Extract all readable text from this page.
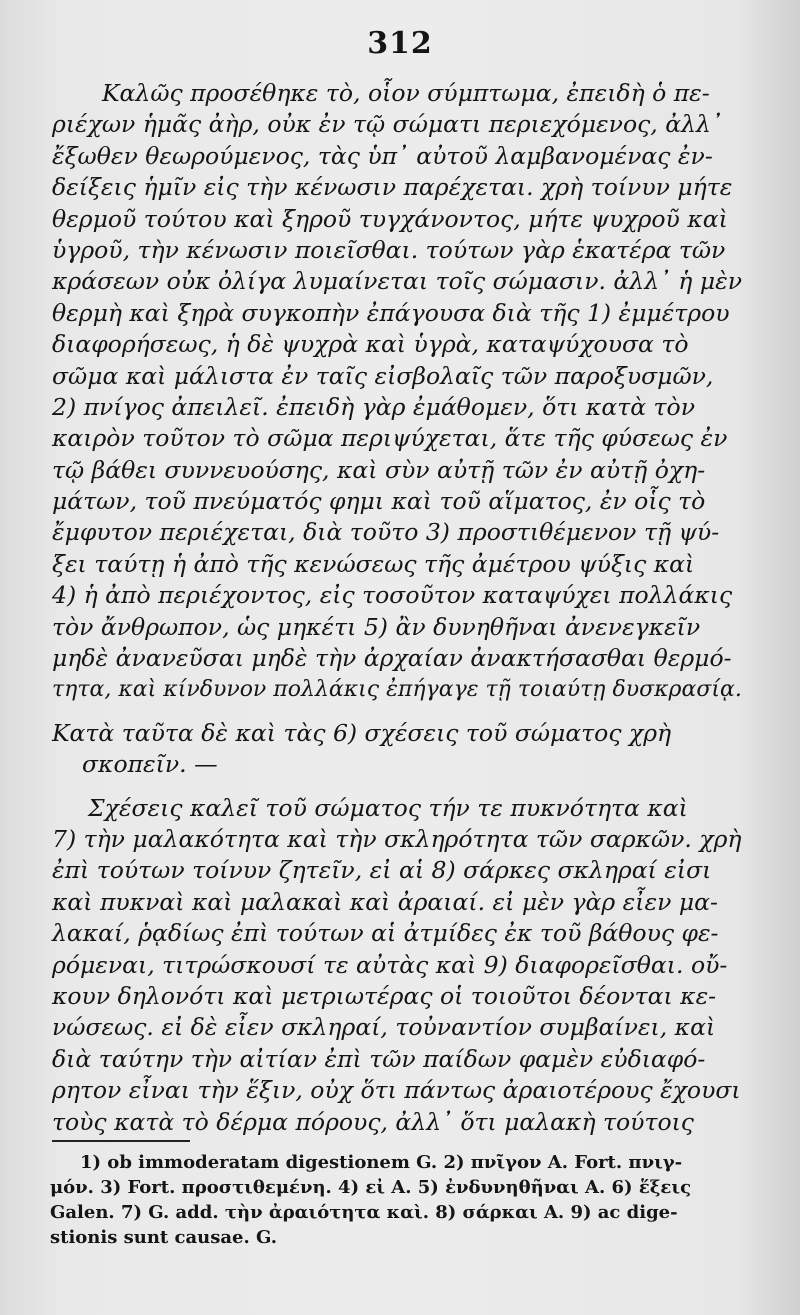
312
Καλῶς προσέθηκε τὸ, οἷον σύμπτωμα, ἐπειδὴ ὁ πε-
ριέχων ἡμᾶς ἀὴρ, οὐκ ἐν τῷ σώματι περιεχόμενος, ἀλλ᾽
ἔξωθεν θεωρούμενος, τὰς ὑπ᾽ αὐτοῦ λαμβανομένας ἐν-
δείξεις ἡμῖν εἰς τὴν κένωσιν παρέχεται. χρὴ τοίνυν μήτε
θερμοῦ τούτου καὶ ξηροῦ τυγχάνοντος, μήτε ψυχροῦ καὶ
ὑγροῦ, τὴν κένωσιν ποιεῖσθαι. τούτων γὰρ ἑκατέρα τῶν
κράσεων οὐκ ὀλίγα λυμαίνεται τοῖς σώμασιν. ἀλλ᾽ ἡ μὲν
θερμὴ καὶ ξηρὰ συγκοπὴν ἐπάγουσα διὰ τῆς 1) ἐμμέτρου
διαφορήσεως, ἡ δὲ ψυχρὰ καὶ ὑγρὰ, καταψύχουσα τὸ
σῶμα καὶ μάλιστα ἐν ταῖς εἰσβολαῖς τῶν παροξυσμῶν,
2) πνίγος ἀπειλεῖ. ἐπειδὴ γὰρ ἐμάθομεν, ὅτι κατὰ τὸν
καιρὸν τοῦτον τὸ σῶμα περιψύχεται, ἅτε τῆς φύσεως ἐν
τῷ βάθει συννευούσης, καὶ σὺν αὐτῇ τῶν ἐν αὐτῇ ὀχη-
μάτων, τοῦ πνεύματός φημι καὶ τοῦ αἵματος, ἐν οἷς τὸ
ἔμφυτον περιέχεται, διὰ τοῦτο 3) προστιθέμενον τῇ ψύ-
ξει ταύτῃ ἡ ἀπὸ τῆς κενώσεως τῆς ἀμέτρου ψύξις καὶ
4) ἡ ἀπὸ περιέχοντος, εἰς τοσοῦτον καταψύχει πολλάκις
τὸν ἄνθρωπον, ὡς μηκέτι 5) ἂν δυνηθῆναι ἀνενεγκεῖν
μηδὲ ἀνανεῦσαι μηδὲ τὴν ἀρχαίαν ἀνακτήσασθαι θερμό-
τητα, καὶ κίνδυνον πολλάκις ἐπήγαγε τῇ τοιαύτῃ δυσκρασίᾳ.
Κατὰ ταῦτα δὲ καὶ τὰς 6) σχέσεις τοῦ σώματος χρὴ
σκοπεῖν. —
Σχέσεις καλεῖ τοῦ σώματος τήν τε πυκνότητα καὶ
7) τὴν μαλακότητα καὶ τὴν σκληρότητα τῶν σαρκῶν. χρὴ
ἐπὶ τούτων τοίνυν ζητεῖν, εἰ αἱ 8) σάρκες σκληραί εἰσι
καὶ πυκναὶ καὶ μαλακαὶ καὶ ἀραιαί. εἰ μὲν γὰρ εἶεν μα-
λακαί, ῥᾳδίως ἐπὶ τούτων αἱ ἀτμίδες ἐκ τοῦ βάθους φε-
ρόμεναι, τιτρώσκουσί τε αὐτὰς καὶ 9) διαφορεῖσθαι. οὔ-
κουν δηλονότι καὶ μετριωτέρας οἱ τοιοῦτοι δέονται κε-
νώσεως. εἰ δὲ εἶεν σκληραί, τοὐναντίον συμβαίνει, καὶ
διὰ ταύτην τὴν αἰτίαν ἐπὶ τῶν παίδων φαμὲν εὐδιαφό-
ρητον εἶναι τὴν ἕξιν, οὐχ ὅτι πάντως ἀραιοτέρους ἔχουσι
τοὺς κατὰ τὸ δέρμα πόρους, ἀλλ᾽ ὅτι μαλακὴ τούτοις
1) ob immoderatam digestionem G. 2) πνῖγον A. Fort. πνιγ-
μόν. 3) Fort. προστιθεμένη. 4) εἰ A. 5) ἐνδυνηθῆναι A. 6) ἕξεις
Galen. 7) G. add. τὴν ἀραιότητα καὶ. 8) σάρκαι A. 9) ac dige-
stionis sunt causae. G.
